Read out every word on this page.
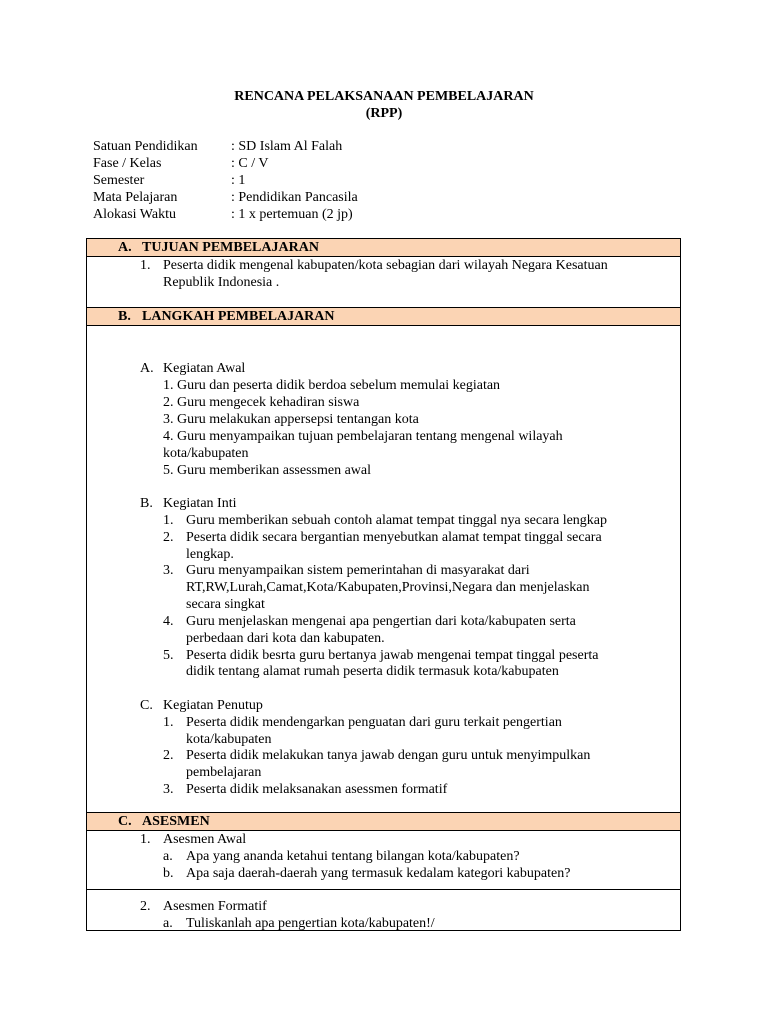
RENCANA PELAKSANAAN PEMBELAJARAN
(RPP)
Satuan Pendidikan : SD Islam Al Falah
Fase / Kelas	: C / V
Semester	: 1
Mata Pelajaran	: Pendidikan Pancasila
Alokasi Waktu	: 1 x pertemuan (2 jp)
A. TUJUAN PEMBELAJARAN
1. Peserta didik mengenal kabupaten/kota sebagian dari wilayah Negara Kesatuan
Republik Indonesia .
B. LANGKAH PEMBELAJARAN
A. Kegiatan Awal
1. Guru dan peserta didik berdoa sebelum memulai kegiatan
2. Guru mengecek kehadiran siswa
3. Guru melakukan appersepsi tentangan kota
4. Guru menyampaikan tujuan pembelajaran tentang mengenal wilayah
kota/kabupaten
5. Guru memberikan assessmen awal
B. Kegiatan Inti
1. Guru memberikan sebuah contoh alamat tempat tinggal nya secara lengkap
2. Peserta didik secara bergantian menyebutkan alamat tempat tinggal secara
lengkap.
3. Guru menyampaikan sistem pemerintahan di masyarakat dari
RT,RW,Lurah,Camat,Kota/Kabupaten,Provinsi,Negara dan menjelaskan
secara singkat
4. Guru menjelaskan mengenai apa pengertian dari kota/kabupaten serta
perbedaan dari kota dan kabupaten.
5. Peserta didik besrta guru bertanya jawab mengenai tempat tinggal peserta
didik tentang alamat rumah peserta didik termasuk kota/kabupaten
C. Kegiatan Penutup
1. Peserta didik mendengarkan penguatan dari guru terkait pengertian
kota/kabupaten
2. Peserta didik melakukan tanya jawab dengan guru untuk menyimpulkan
pembelajaran
3. Peserta didik melaksanakan asessmen formatif
C. ASESMEN
1. Asesmen Awal
a. Apa yang ananda ketahui tentang bilangan kota/kabupaten?
b. Apa saja daerah-daerah yang termasuk kedalam kategori kabupaten?
2. Asesmen Formatif
a. Tuliskanlah apa pengertian kota/kabupaten!/
